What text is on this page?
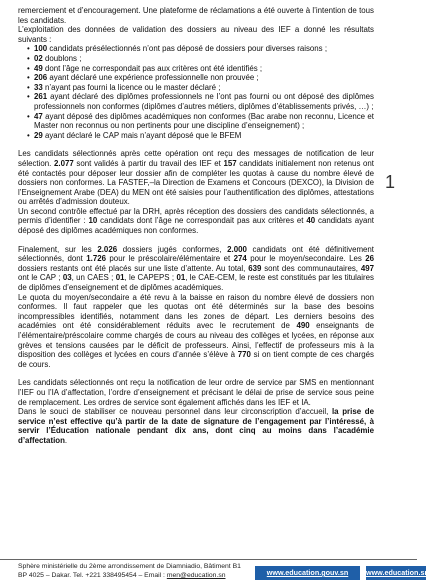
remerciement et d’encouragement. Une plateforme de réclamations a été ouverte à l’intention de tous les candidats.

L’exploitation des données de validation des dossiers au niveau des IEF a donné les résultats suivants :

• 100 candidats présélectionnés n’ont pas déposé de dossiers pour diverses raisons ;
• 02 doublons ;
• 49 dont l’âge ne correspondait pas aux critères ont été identifiés ;
• 206 ayant déclaré une expérience professionnelle non prouvée ;
• 33 n’ayant pas fourni la licence ou le master déclaré ;
• 261 ayant déclaré des diplômes professionnels ne l’ont pas fourni ou ont déposé des diplômes professionnels non conformes (diplômes d’autres métiers, diplômes d’établissements privés, …) ;
• 47 ayant déposé des diplômes académiques non conformes (Bac arabe non reconnu, Licence et Master non reconnus ou non pertinents pour une discipline d’enseignement) ;
• 29 ayant déclaré le CAP mais n’ayant déposé que le BFEM

Les candidats sélectionnés après cette opération ont reçu des messages de notification de leur sélection. 2.077 sont validés à partir du travail des IEF et 157 candidats initialement non retenus ont été contactés pour déposer leur dossier afin de compléter les quotas à cause du nombre élevé de dossiers non conformes. La FASTEF,–la Direction de Examens et Concours (DEXCO), la Division de l’Enseignement Arabe (DEA) du MEN ont été saisies pour l’authentification des diplômes, attestations ou arrêtés d’admission douteux.

Un second contrôle effectué par la DRH, après réception des dossiers des candidats sélectionnés, a permis d’identifier : 10 candidats dont l’âge ne correspondait pas aux critères et 40 candidats ayant déposé des diplômes académiques non conformes.

Finalement, sur les 2.026 dossiers jugés conformes, 2.000 candidats ont été définitivement sélectionnés, dont 1.726 pour le préscolaire/élémentaire et 274 pour le moyen/secondaire. Les 26 dossiers restants ont été placés sur une liste d’attente. Au total, 639 sont des communautaires, 497 ont le CAP ; 03, un CAES ; 01, le CAPEPS ; 01, le CAE-CEM, le reste est constitués par les titulaires de diplômes d’enseignement et de diplômes académiques.

Le quota du moyen/secondaire a été revu à la baisse en raison du nombre élevé de dossiers non conformes. Il faut rappeler que les quotas ont été déterminés sur la base des besoins incompressibles identifiés, notamment dans les zones de départ. Les derniers besoins des académies ont été considérablement réduits avec le recrutement de 490 enseignants de l’élémentaire/préscolaire comme chargés de cours au niveau des collèges et lycées, en réponse aux grèves et tensions causées par le déficit de professeurs. Ainsi, l’effectif de professeurs mis à la disposition des collèges et lycées en cours d’année s’élève à 770 si on tient compte de ces chargés de cours.

Les candidats sélectionnés ont reçu la notification de leur ordre de service par SMS en mentionnant l’IEF ou l’IA d’affectation, l’ordre d’enseignement et précisant le délai de prise de service sous peine de remplacement. Les ordres de service sont également affichés dans les IEF et IA.

Dans le souci de stabiliser ce nouveau personnel dans leur circonscription d’accueil, la prise de service n’est effective qu’à partir de la date de signature de l’engagement par l’intéressé, à servir l’Éducation nationale pendant dix ans, dont cinq au moins dans l’académie d’affectation.

1
Sphère ministérielle du 2ème arrondissement de Diamniadio, Bâtiment B1
BP 4025 – Dakar. Tel. +221 338495454 – Email : men@education.sn	www.education.gouv.sn	www.education.sn
